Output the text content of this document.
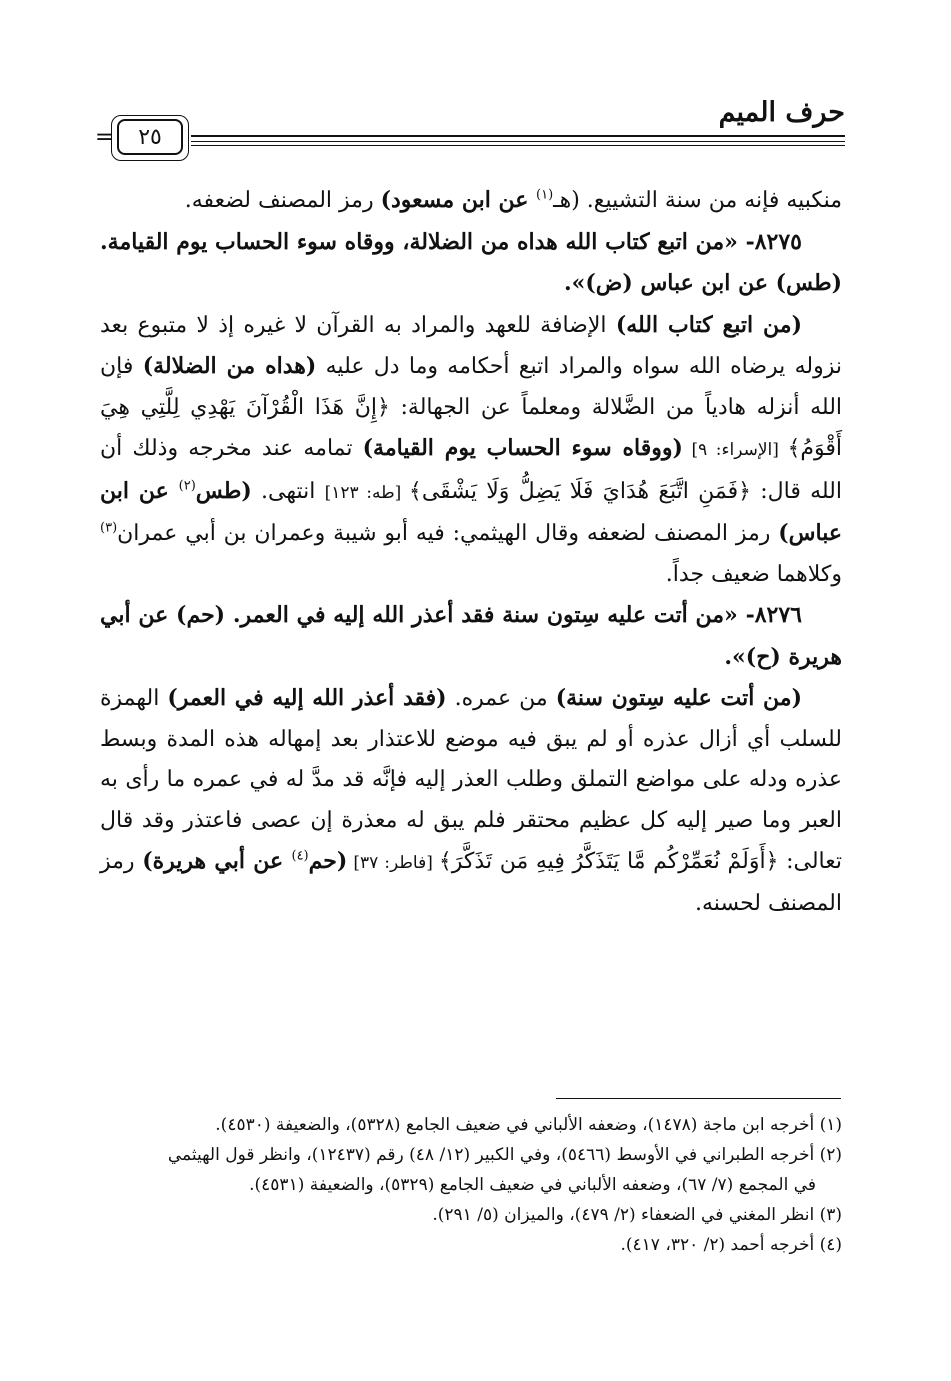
حرف الميم
٢٥
=

منكبيه فإنه من سنة التشييع. (هـ$^{(١)}$ عن ابن مسعود) رمز المصنف لضعفه.

٨٢٧٥- «من اتبع كتاب الله هداه من الضلالة، ووقاه سوء الحساب يوم القيامة. (طس) عن ابن عباس (ض)».

(من اتبع كتاب الله) الإضافة للعهد والمراد به القرآن لا غيره إذ لا متبوع بعد نزوله يرضاه الله سواه والمراد اتبع أحكامه وما دل عليه (هداه من الضلالة) فإن الله أنزله هادياً من الضَّلالة ومعلماً عن الجهالة: ﴿إِنَّ هَذَا الْقُرْآنَ يَهْدِي لِلَّتِي هِيَ أَقْوَمُ﴾ [الإسراء: ٩] (ووقاه سوء الحساب يوم القيامة) تمامه عند مخرجه وذلك أن الله قال: ﴿فَمَنِ اتَّبَعَ هُدَايَ فَلَا يَضِلُّ وَلَا يَشْقَى﴾ [طه: ١٢٣] انتهى. (طس$^{(٢)}$ عن ابن عباس) رمز المصنف لضعفه وقال الهيثمي: فيه أبو شيبة وعمران بن أبي عمران$^{(٣)}$ وكلاهما ضعيف جداً.

٨٢٧٦- «من أتت عليه سِتون سنة فقد أعذر الله إليه في العمر. (حم) عن أبي هريرة (ح)».

(من أتت عليه سِتون سنة) من عمره. (فقد أعذر الله إليه في العمر) الهمزة للسلب أي أزال عذره أو لم يبق فيه موضع للاعتذار بعد إمهاله هذه المدة وبسط عذره ودله على مواضع التملق وطلب العذر إليه فإنَّه قد مدَّ له في عمره ما رأى به العبر وما صير إليه كل عظيم محتقر فلم يبق له معذرة إن عصى فاعتذر وقد قال تعالى: ﴿أَوَلَمْ نُعَمِّرْكُم مَّا يَتَذَكَّرُ فِيهِ مَن تَذَكَّرَ﴾ [فاطر: ٣٧] (حم$^{(٤)}$ عن أبي هريرة) رمز المصنف لحسنه.

(١) أخرجه ابن ماجة (١٤٧٨)، وضعفه الألباني في ضعيف الجامع (٥٣٢٨)، والضعيفة (٤٥٣٠).

(٢) أخرجه الطبراني في الأوسط (٥٤٦٦)، وفي الكبير (١٢/ ٤٨) رقم (١٢٤٣٧)، وانظر قول الهيثمي

في المجمع (٧/ ٦٧)، وضعفه الألباني في ضعيف الجامع (٥٣٢٩)، والضعيفة (٤٥٣١).

(٣) انظر المغني في الضعفاء (٢/ ٤٧٩)، والميزان (٥/ ٢٩١).

(٤) أخرجه أحمد (٢/ ٣٢٠، ٤١٧).
